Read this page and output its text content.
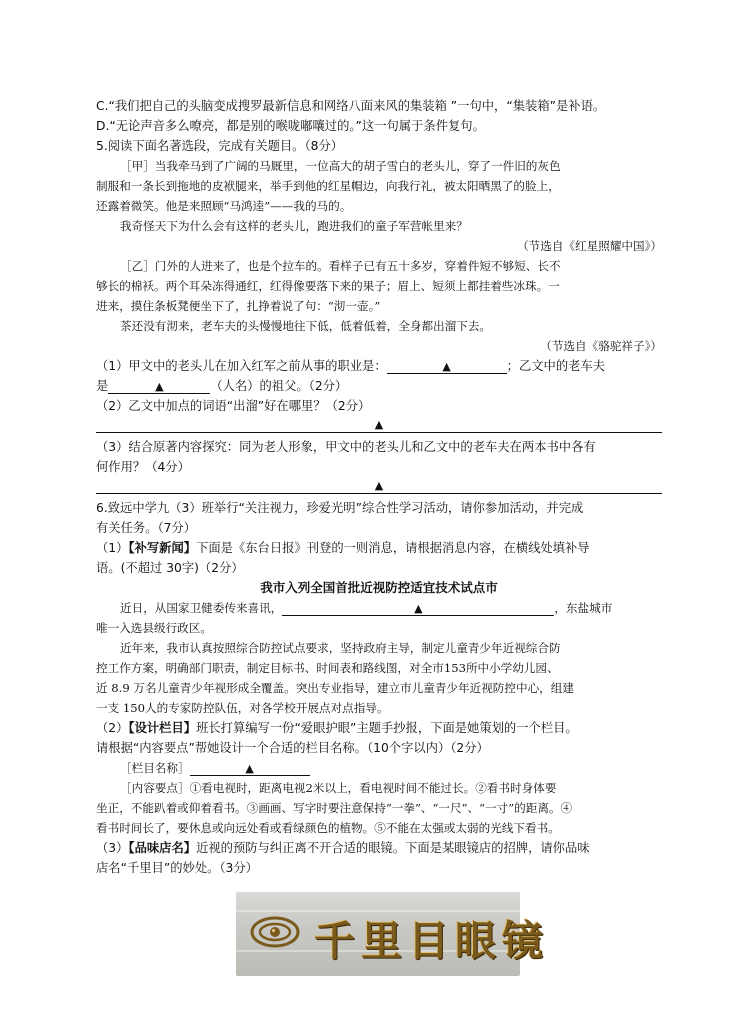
C.“我们把自己的头脑变成搜罗最新信息和网络八面来风的集装箱 ”一句中，“集装箱”是补语。
D.“无论声音多么嘹亮，都是别的喉咙嘟嚷过的。”这一句属于条件复句。
5.阅读下面名著选段，完成有关题目。（8分）
［甲］当我牵马到了广阔的马厩里，一位高大的胡子雪白的老头儿，穿了一件旧的灰色
制服和一条长到拖地的皮袱腿来，举手到他的红星帽边，向我行礼，被太阳晒黑了的脸上，
还露着微笑。他是来照顾“马鸿逵”——我的马的。
我奇怪天下为什么会有这样的老头儿，跑进我们的童子军营帐里来？
（节选自《红星照耀中国》）
［乙］门外的人进来了，也是个拉车的。看样子已有五十多岁，穿着件短不够短、长不
够长的棉袄。两个耳朵冻得通红，红得像要落下来的果子；眉上、短须上都挂着些冰珠。一
进来，摸住条板凳便坐下了，扎挣着说了句：“沏一壶。”
茶还没有沏来，老车夫的头慢慢地往下低，低着低着，全身都出溜下去。
（节选自《骆驼祥子》）
（1）甲文中的老头儿在加入红军之前从事的职业是：	▲	；乙文中的老车夫
是	▲	（人名）的祖父。（2分）
（2）乙文中加点的词语“出溜”好在哪里？（2分）
▲
（3）结合原著内容探究：同为老人形象，甲文中的老头儿和乙文中的老车夫在两本书中各有
何作用？（4分）
▲
6.致远中学九（3）班举行“关注视力，珍爱光明”综合性学习活动，请你参加活动，并完成
有关任务。（7分）
（1）【补写新闻】下面是《东台日报》刊登的一则消息，请根据消息内容，在横线处填补导
语。(不超过 30字)（2分）
我市入列全国首批近视防控适宜技术试点市
近日，从国家卫健委传来喜讯，	▲	，东盐城市
唯一入选县级行政区。
近年来，我市认真按照综合防控试点要求，坚持政府主导，制定儿童青少年近视综合防
控工作方案，明确部门职责，制定目标书、时间表和路线图，对全市153所中小学幼儿园、
近 8.9 万名儿童青少年视形成全覆盖。突出专业指导，建立市儿童青少年近视防控中心，组建
一支 150人的专家防控队伍，对各学校开展点对点指导。
（2）【设计栏目】班长打算编写一份“爱眼护眼”主题手抄报，下面是她策划的一个栏目。
请根据“内容要点”帮她设计一个合适的栏目名称。（10个字以内）（2分）
［栏目名称］	▲
［内容要点］①看电视时，距离电视2米以上，看电视时间不能过长。②看书时身体要
坐正，不能趴着或仰着看书。③画画、写字时要注意保持“一拳”、“一尺”、“一寸”的距离。④
看书时间长了，要休息或向远处看或看绿颜色的植物。⑤不能在太强或太弱的光线下看书。
（3）【品味店名】近视的预防与纠正离不开合适的眼镜。下面是某眼镜店的招牌，请你品味
店名“千里目”的妙处。（3分）
千里目眼镜
